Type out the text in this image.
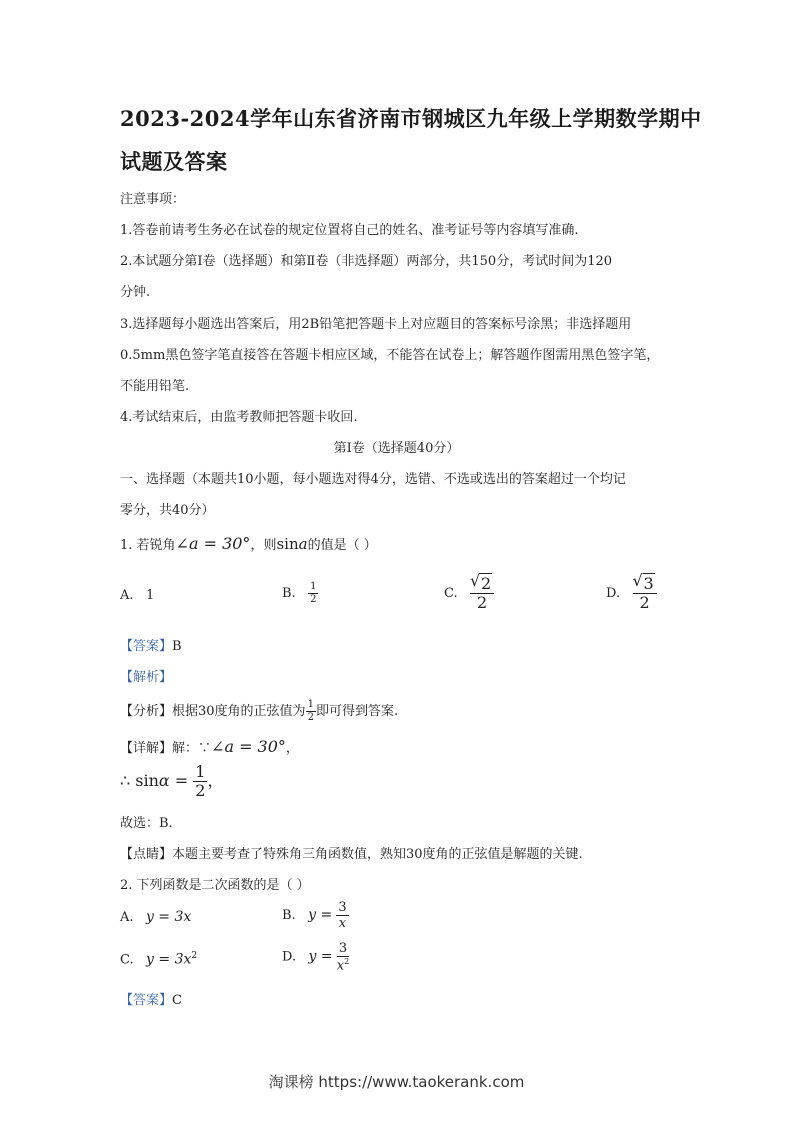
2023-2024学年山东省济南市钢城区九年级上学期数学期中
试题及答案
注意事项：
1.答卷前请考生务必在试卷的规定位置将自己的姓名、准考证号等内容填写准确.
2.本试题分第Ⅰ卷（选择题）和第Ⅱ卷（非选择题）两部分，共150分，考试时间为120
分钟.
3.选择题每小题选出答案后，用2B铅笔把答题卡上对应题目的答案标号涂黑；非选择题用
0.5mm黑色签字笔直接答在答题卡相应区域，不能答在试卷上；解答题作图需用黑色签字笔，
不能用铅笔.
4.考试结束后，由监考教师把答题卡收回.
第Ⅰ卷（选择题40分）
一、选择题（本题共10小题，每小题选对得4分，选错、不选或选出的答案超过一个均记
零分，共40分）
1. 若锐角∠a = 30°，则sina的值是（ ）
A. 1	B. $\frac{1}{2}$	C. √ $\frac{2}{2}$	D. √ $\frac{3}{2}$
【答案】B
【解析】
【分析】根据30度角的正弦值为 $\frac{1}{2}$ 即可得到答案.
【详解】解：∵∠a = 30°，
∴ $\sin\alpha = \frac{1}{2}$ ，
故选：B.
【点睛】本题主要考查了特殊角三角函数值，熟知30度角的正弦值是解题的关键.
2. 下列函数是二次函数的是（ ）
A. y = 3x	B. $y = \frac{3}{x}$
C. $y = 3x^2$	D. $y = \frac{3}{x^2}$
【答案】C
淘课榜 https://www.taokerank.com
